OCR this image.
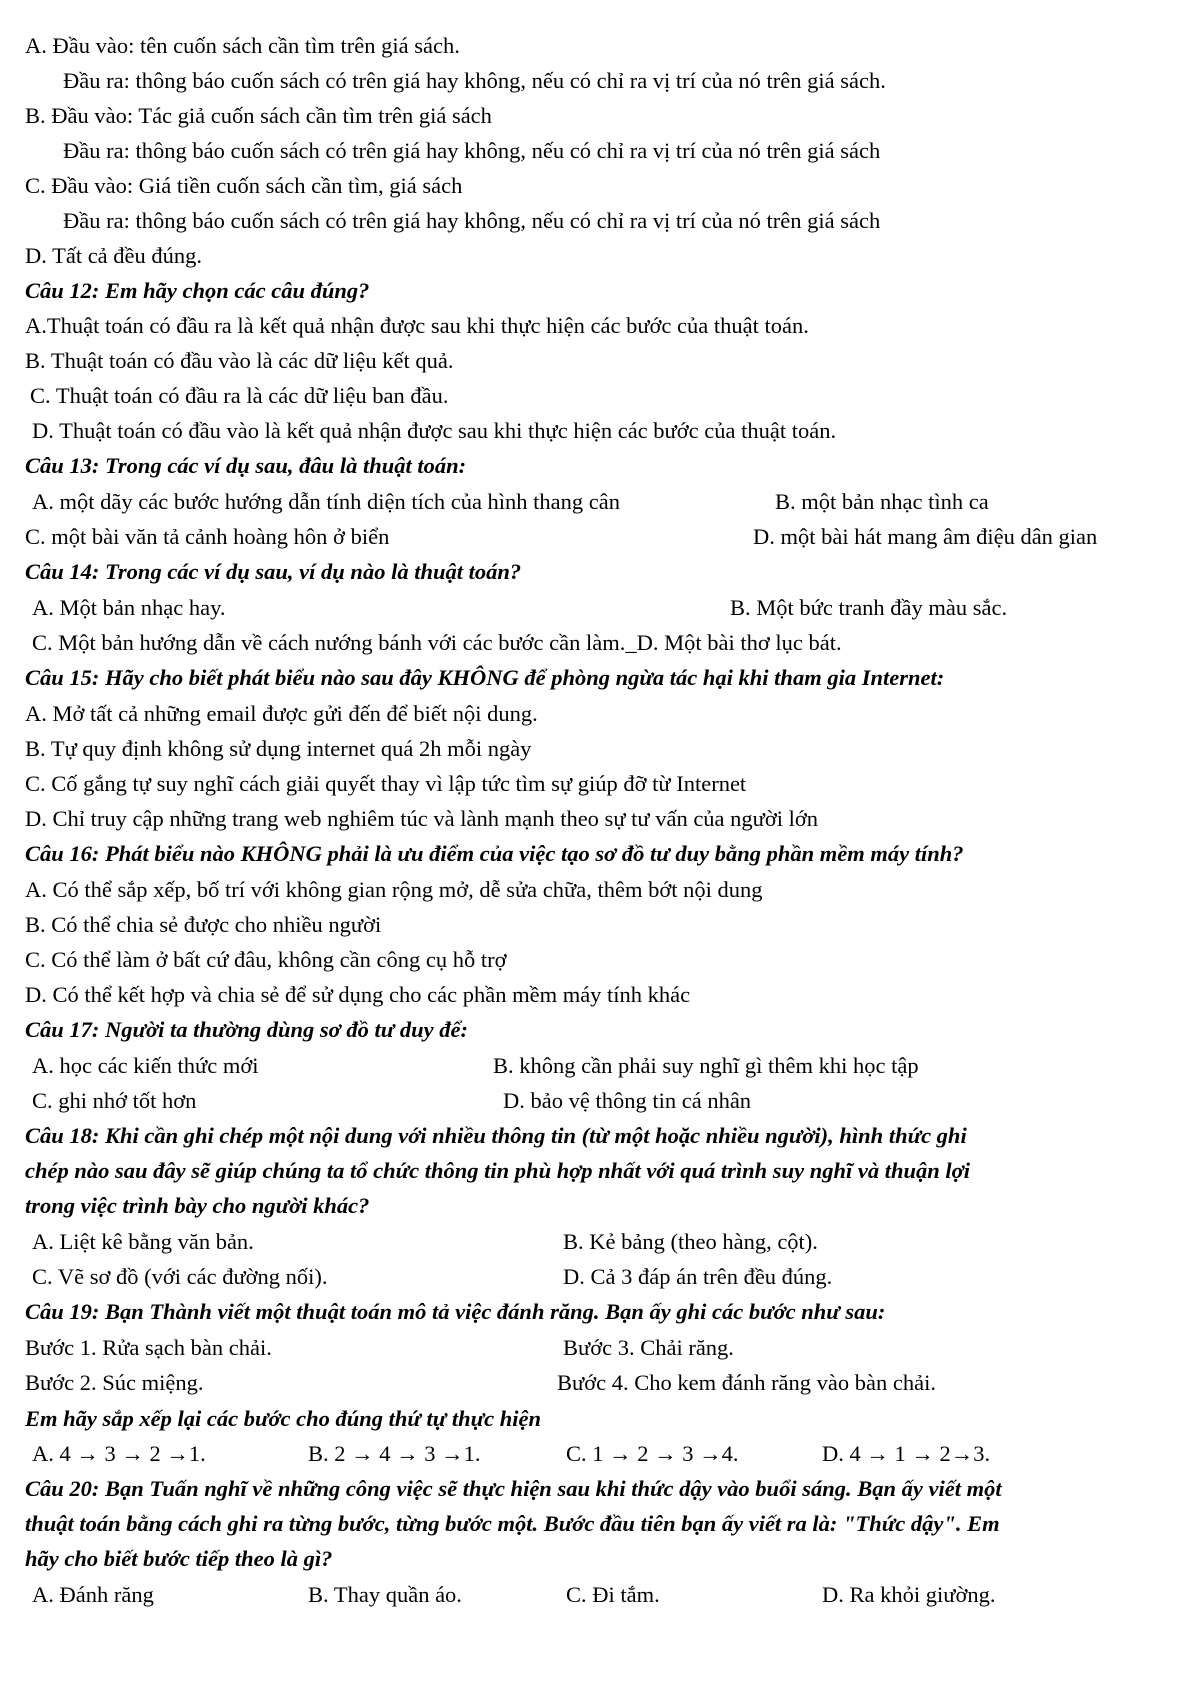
A. Đầu vào: tên cuốn sách cần tìm trên giá sách.
Đầu ra: thông báo cuốn sách có trên giá hay không, nếu có chỉ ra vị trí của nó trên giá sách.
B. Đầu vào: Tác giả cuốn sách cần tìm trên giá sách
Đầu ra: thông báo cuốn sách có trên giá hay không, nếu có chỉ ra vị trí của nó trên giá sách
C. Đầu vào: Giá tiền cuốn sách cần tìm, giá sách
Đầu ra: thông báo cuốn sách có trên giá hay không, nếu có chỉ ra vị trí của nó trên giá sách
D. Tất cả đều đúng.
Câu 12: Em hãy chọn các câu đúng?
A.Thuật toán có đầu ra là kết quả nhận được sau khi thực hiện các bước của thuật toán.
B. Thuật toán có đầu vào là các dữ liệu kết quả.
C. Thuật toán có đầu ra là các dữ liệu ban đầu.
D. Thuật toán có đầu vào là kết quả nhận được sau khi thực hiện các bước của thuật toán.
Câu 13: Trong các ví dụ sau, đâu là thuật toán:
A. một dãy các bước hướng dẫn tính diện tích của hình thang cân	B. một bản nhạc tình ca
C. một bài văn tả cảnh hoàng hôn ở biển	D. một bài hát mang âm điệu dân gian
Câu 14: Trong các ví dụ sau, ví dụ nào là thuật toán?
A. Một bản nhạc hay.	B. Một bức tranh đầy màu sắc.
C. Một bản hướng dẫn về cách nướng bánh với các bước cần làm._D. Một bài thơ lục bát.
Câu 15: Hãy cho biết phát biểu nào sau đây KHÔNG để phòng ngừa tác hại khi tham gia Internet:
A. Mở tất cả những email được gửi đến để biết nội dung.
B. Tự quy định không sử dụng internet quá 2h mỗi ngày
C. Cố gắng tự suy nghĩ cách giải quyết thay vì lập tức tìm sự giúp đỡ từ Internet
D. Chỉ truy cập những trang web nghiêm túc và lành mạnh theo sự tư vấn của người lớn
Câu 16: Phát biểu nào KHÔNG phải là ưu điểm của việc tạo sơ đồ tư duy bằng phần mềm máy tính?
A. Có thể sắp xếp, bố trí với không gian rộng mở, dễ sửa chữa, thêm bớt nội dung
B. Có thể chia sẻ được cho nhiều người
C. Có thể làm ở bất cứ đâu, không cần công cụ hỗ trợ
D. Có thể kết hợp và chia sẻ để sử dụng cho các phần mềm máy tính khác
Câu 17: Người ta thường dùng sơ đồ tư duy để:
A. học các kiến thức mới	B. không cần phải suy nghĩ gì thêm khi học tập
C. ghi nhớ tốt hơn	D. bảo vệ thông tin cá nhân
Câu 18: Khi cần ghi chép một nội dung với nhiều thông tin (từ một hoặc nhiều người), hình thức ghi
chép nào sau đây sẽ giúp chúng ta tổ chức thông tin phù hợp nhất với quá trình suy nghĩ và thuận lợi
trong việc trình bày cho người khác?
A. Liệt kê bằng văn bản.	B. Kẻ bảng (theo hàng, cột).
C. Vẽ sơ đồ (với các đường nối).	D. Cả 3 đáp án trên đều đúng.
Câu 19: Bạn Thành viết một thuật toán mô tả việc đánh răng. Bạn ấy ghi các bước như sau:
Bước 1. Rửa sạch bàn chải.	Bước 3. Chải răng.
Bước 2. Súc miệng.	Bước 4. Cho kem đánh răng vào bàn chải.
Em hãy sắp xếp lại các bước cho đúng thứ tự thực hiện
A. 4 → 3 → 2 →1.	B. 2 → 4 → 3 →1.	C. 1 → 2 → 3 →4.	D. 4 → 1 → 2→3.
Câu 20: Bạn Tuấn nghĩ về những công việc sẽ thực hiện sau khi thức dậy vào buổi sáng. Bạn ấy viết một
thuật toán bằng cách ghi ra từng bước, từng bước một. Bước đầu tiên bạn ấy viết ra là: "Thức dậy". Em
hãy cho biết bước tiếp theo là gì?
A. Đánh răng	B. Thay quần áo.	C. Đi tắm.	D. Ra khỏi giường.
